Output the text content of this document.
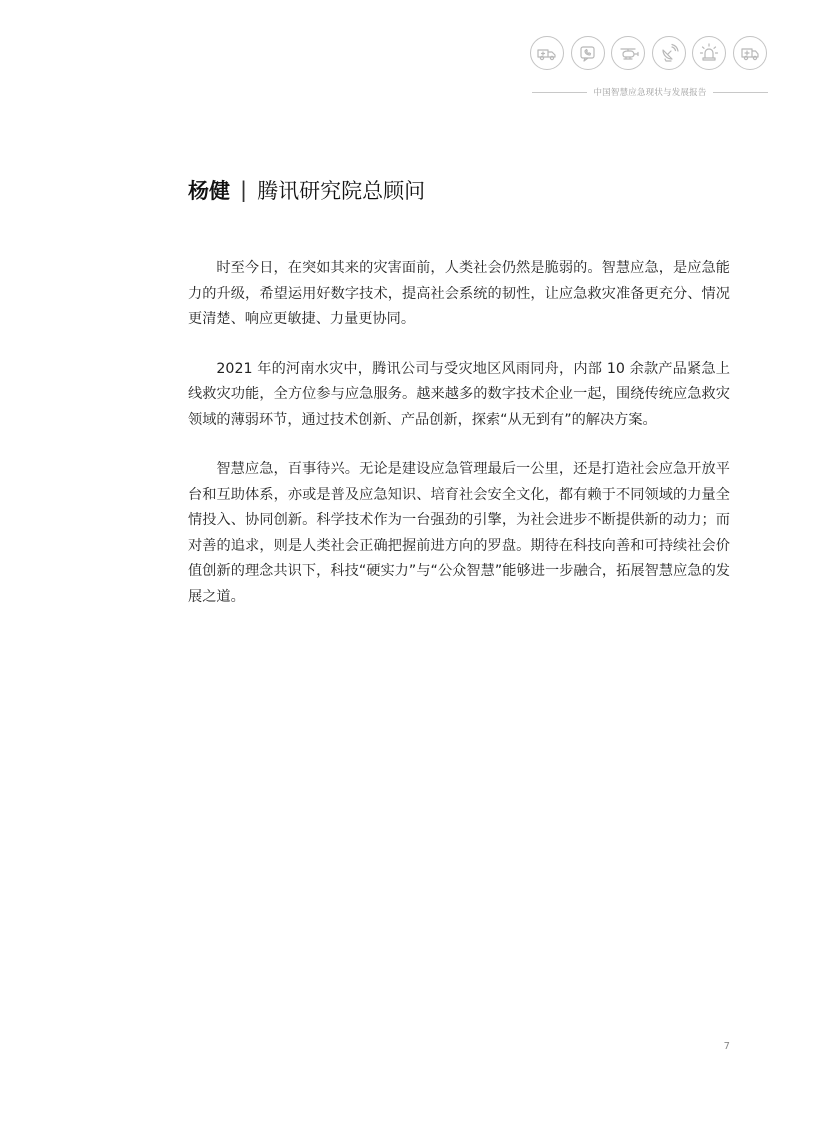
中国智慧应急现状与发展报告
杨健 | 腾讯研究院总顾问

时至今日，在突如其来的灾害面前，人类社会仍然是脆弱的。智慧应急，是应急能力的升级，希望运用好数字技术，提高社会系统的韧性，让应急救灾准备更充分、情况更清楚、响应更敏捷、力量更协同。

2021 年的河南水灾中，腾讯公司与受灾地区风雨同舟，内部 10 余款产品紧急上线救灾功能，全方位参与应急服务。越来越多的数字技术企业一起，围绕传统应急救灾领域的薄弱环节，通过技术创新、产品创新，探索“从无到有”的解决方案。

智慧应急，百事待兴。无论是建设应急管理最后一公里，还是打造社会应急开放平台和互助体系，亦或是普及应急知识、培育社会安全文化，都有赖于不同领域的力量全情投入、协同创新。科学技术作为一台强劲的引擎，为社会进步不断提供新的动力；而对善的追求，则是人类社会正确把握前进方向的罗盘。期待在科技向善和可持续社会价值创新的理念共识下，科技“硬实力”与“公众智慧”能够进一步融合，拓展智慧应急的发展之道。

7
